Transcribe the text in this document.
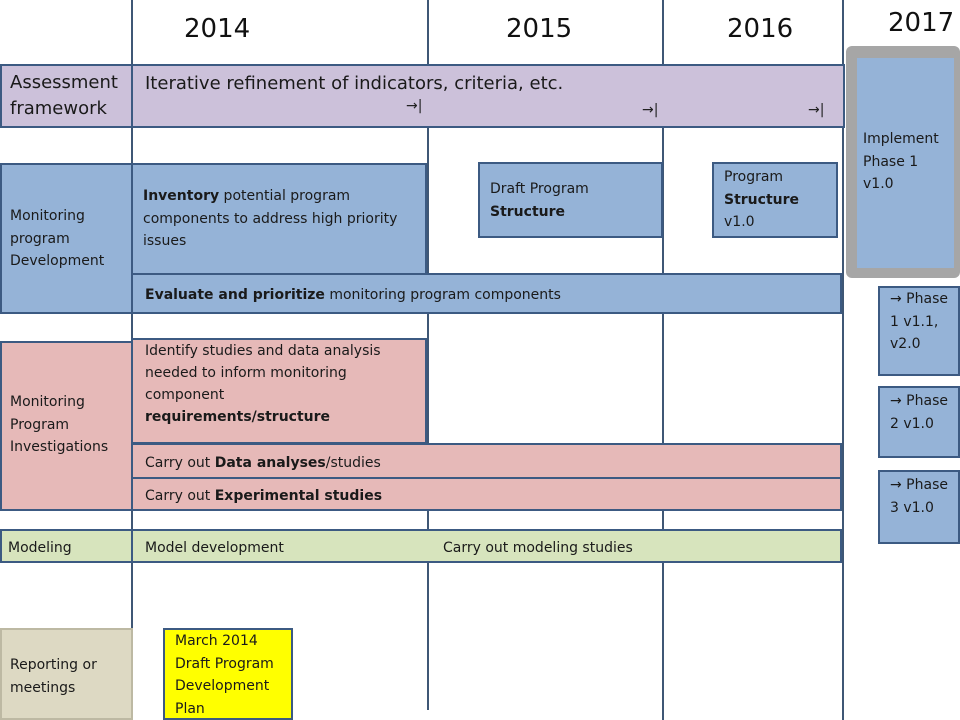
2014	2015	2016	2017
Assessment framework
Iterative refinement of indicators, criteria, etc.
→|	→|	→|
Monitoring program Development
Inventory potential program components to address high priority issues
Draft Program
Structure
Program
Structure
v1.0
Evaluate and prioritize monitoring program components
Monitoring Program Investigations
Identify studies and data analysis needed to inform monitoring component
requirements/structure
Carry out Data analyses/studies
Carry out Experimental studies
Modeling	Model development	Carry out modeling studies
Reporting or meetings
March 2014 Draft Program Development Plan
Implement Phase 1 v1.0
→ Phase 1 v1.1, v2.0
→ Phase 2 v1.0
→ Phase 3 v1.0
